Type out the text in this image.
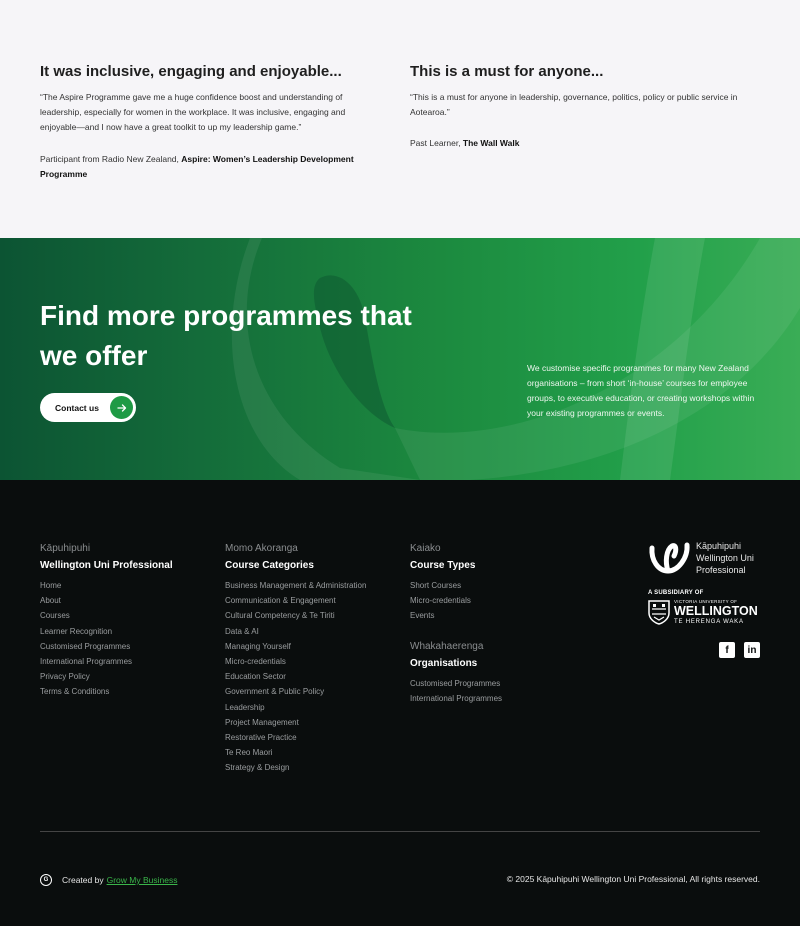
It was inclusive, engaging and enjoyable...

“The Aspire Programme gave me a huge confidence boost and understanding of leadership, especially for women in the workplace. It was inclusive, engaging and enjoyable—and I now have a great toolkit to up my leadership game.”

Participant from Radio New Zealand, Aspire: Women’s Leadership Development Programme

This is a must for anyone...

“This is a must for anyone in leadership, governance, politics, policy or public service in Aotearoa.”

Past Learner, The Wall Walk

Find more programmes that we offer
Contact us

We customise specific programmes for many New Zealand organisations – from short ‘in-house’ courses for employee groups, to executive education, or creating workshops within your existing programmes or events.

Kāpuhipuhi
Wellington Uni Professional
Home
About
Courses
Learner Recognition
Customised Programmes
International Programmes
Privacy Policy
Terms & Conditions
Momo Akoranga
Course Categories
Business Management & Administration
Communication & Engagement
Cultural Competency & Te Tiriti
Data & AI
Managing Yourself
Micro-credentials
Education Sector
Government & Public Policy
Leadership
Project Management
Restorative Practice
Te Reo Maori
Strategy & Design
Kaiako
Course Types
Short Courses
Micro-credentials
Events
Whakahaerenga
Organisations
Customised Programmes
International Programmes
Kāpuhipuhi
Wellington Uni
Professional
A SUBSIDIARY OF
VICTORIA UNIVERSITY OF
WELLINGTON
TE HERENGA WAKA
f	in
G	Created by Grow My Business	© 2025 Kāpuhipuhi Wellington Uni Professional, All rights reserved.
